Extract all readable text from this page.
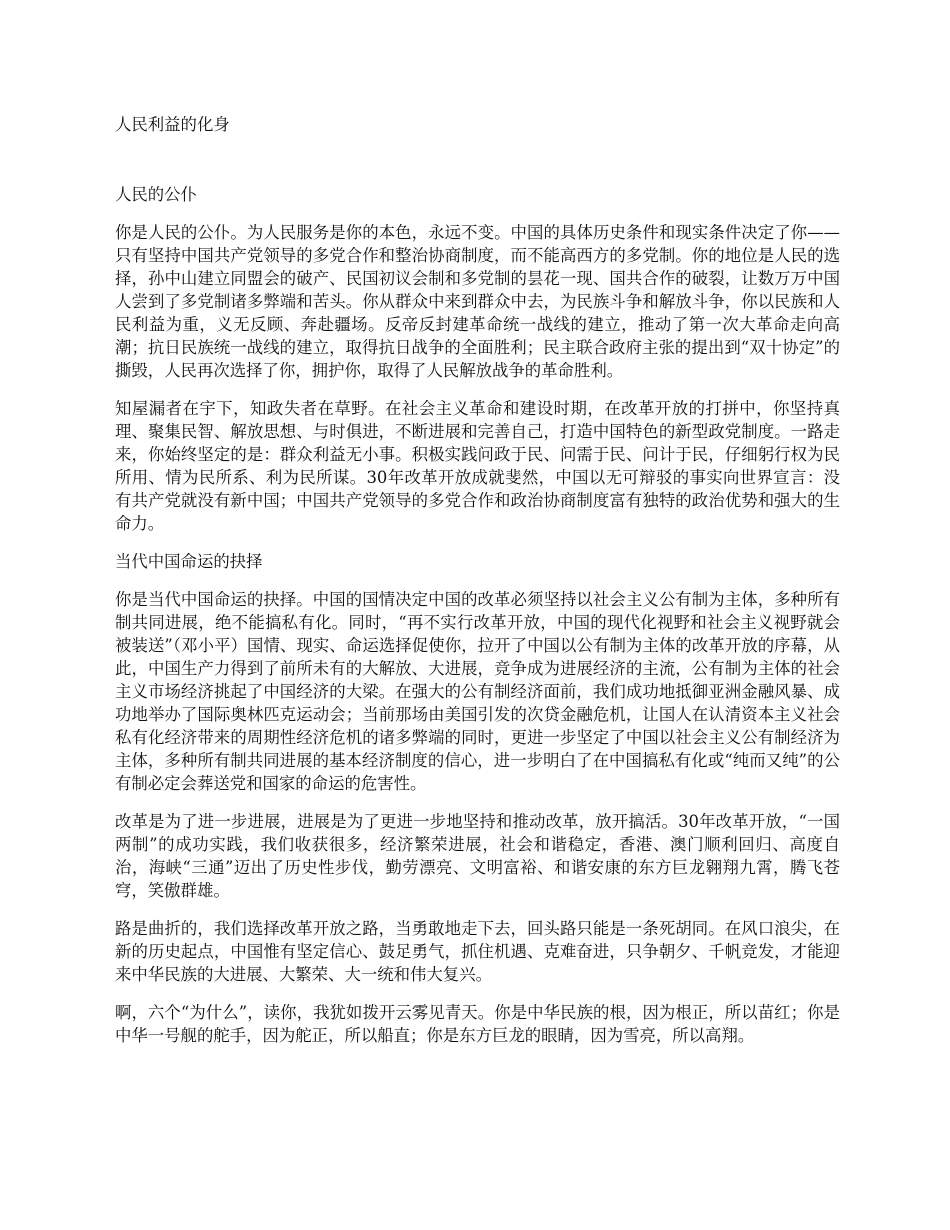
人民利益的化身
人民的公仆

你是人民的公仆。为人民服务是你的本色，永远不变。中国的具体历史条件和现实条件决定了你——只有坚持中国共产党领导的多党合作和整治协商制度，而不能高西方的多党制。你的地位是人民的选择，孙中山建立同盟会的破产、民国初议会制和多党制的昙花一现、国共合作的破裂，让数万万中国人尝到了多党制诸多弊端和苦头。你从群众中来到群众中去，为民族斗争和解放斗争，你以民族和人民利益为重，义无反顾、奔赴疆场。反帝反封建革命统一战线的建立，推动了第一次大革命走向高潮；抗日民族统一战线的建立，取得抗日战争的全面胜利；民主联合政府主张的提出到“双十协定”的撕毁，人民再次选择了你，拥护你，取得了人民解放战争的革命胜利。

知屋漏者在宇下，知政失者在草野。在社会主义革命和建设时期，在改革开放的打拼中，你坚持真理、聚集民智、解放思想、与时俱进，不断进展和完善自己，打造中国特色的新型政党制度。一路走来，你始终坚定的是：群众利益无小事。积极实践问政于民、问需于民、问计于民，仔细躬行权为民所用、情为民所系、利为民所谋。30年改革开放成就斐然，中国以无可辩驳的事实向世界宣言：没有共产党就没有新中国；中国共产党领导的多党合作和政治协商制度富有独特的政治优势和强大的生命力。

当代中国命运的抉择

你是当代中国命运的抉择。中国的国情决定中国的改革必须坚持以社会主义公有制为主体，多种所有制共同进展，绝不能搞私有化。同时，“再不实行改革开放，中国的现代化视野和社会主义视野就会被装送”（邓小平）国情、现实、命运选择促使你，拉开了中国以公有制为主体的改革开放的序幕，从此，中国生产力得到了前所未有的大解放、大进展，竞争成为进展经济的主流，公有制为主体的社会主义市场经济挑起了中国经济的大梁。在强大的公有制经济面前，我们成功地抵御亚洲金融风暴、成功地举办了国际奥林匹克运动会；当前那场由美国引发的次贷金融危机，让国人在认清资本主义社会私有化经济带来的周期性经济危机的诸多弊端的同时，更进一步坚定了中国以社会主义公有制经济为主体，多种所有制共同进展的基本经济制度的信心，进一步明白了在中国搞私有化或“纯而又纯”的公有制必定会葬送党和国家的命运的危害性。

改革是为了进一步进展，进展是为了更进一步地坚持和推动改革，放开搞活。30年改革开放，“一国两制”的成功实践，我们收获很多，经济繁荣进展，社会和谐稳定，香港、澳门顺利回归、高度自治，海峡“三通”迈出了历史性步伐，勤劳漂亮、文明富裕、和谐安康的东方巨龙翱翔九霄，腾飞苍穹，笑傲群雄。

路是曲折的，我们选择改革开放之路，当勇敢地走下去，回头路只能是一条死胡同。在风口浪尖，在新的历史起点，中国惟有坚定信心、鼓足勇气，抓住机遇、克难奋进，只争朝夕、千帆竞发，才能迎来中华民族的大进展、大繁荣、大一统和伟大复兴。

啊，六个“为什么”，读你，我犹如拨开云雾见青天。你是中华民族的根，因为根正，所以苗红；你是中华一号舰的舵手，因为舵正，所以船直；你是东方巨龙的眼睛，因为雪亮，所以高翔。
